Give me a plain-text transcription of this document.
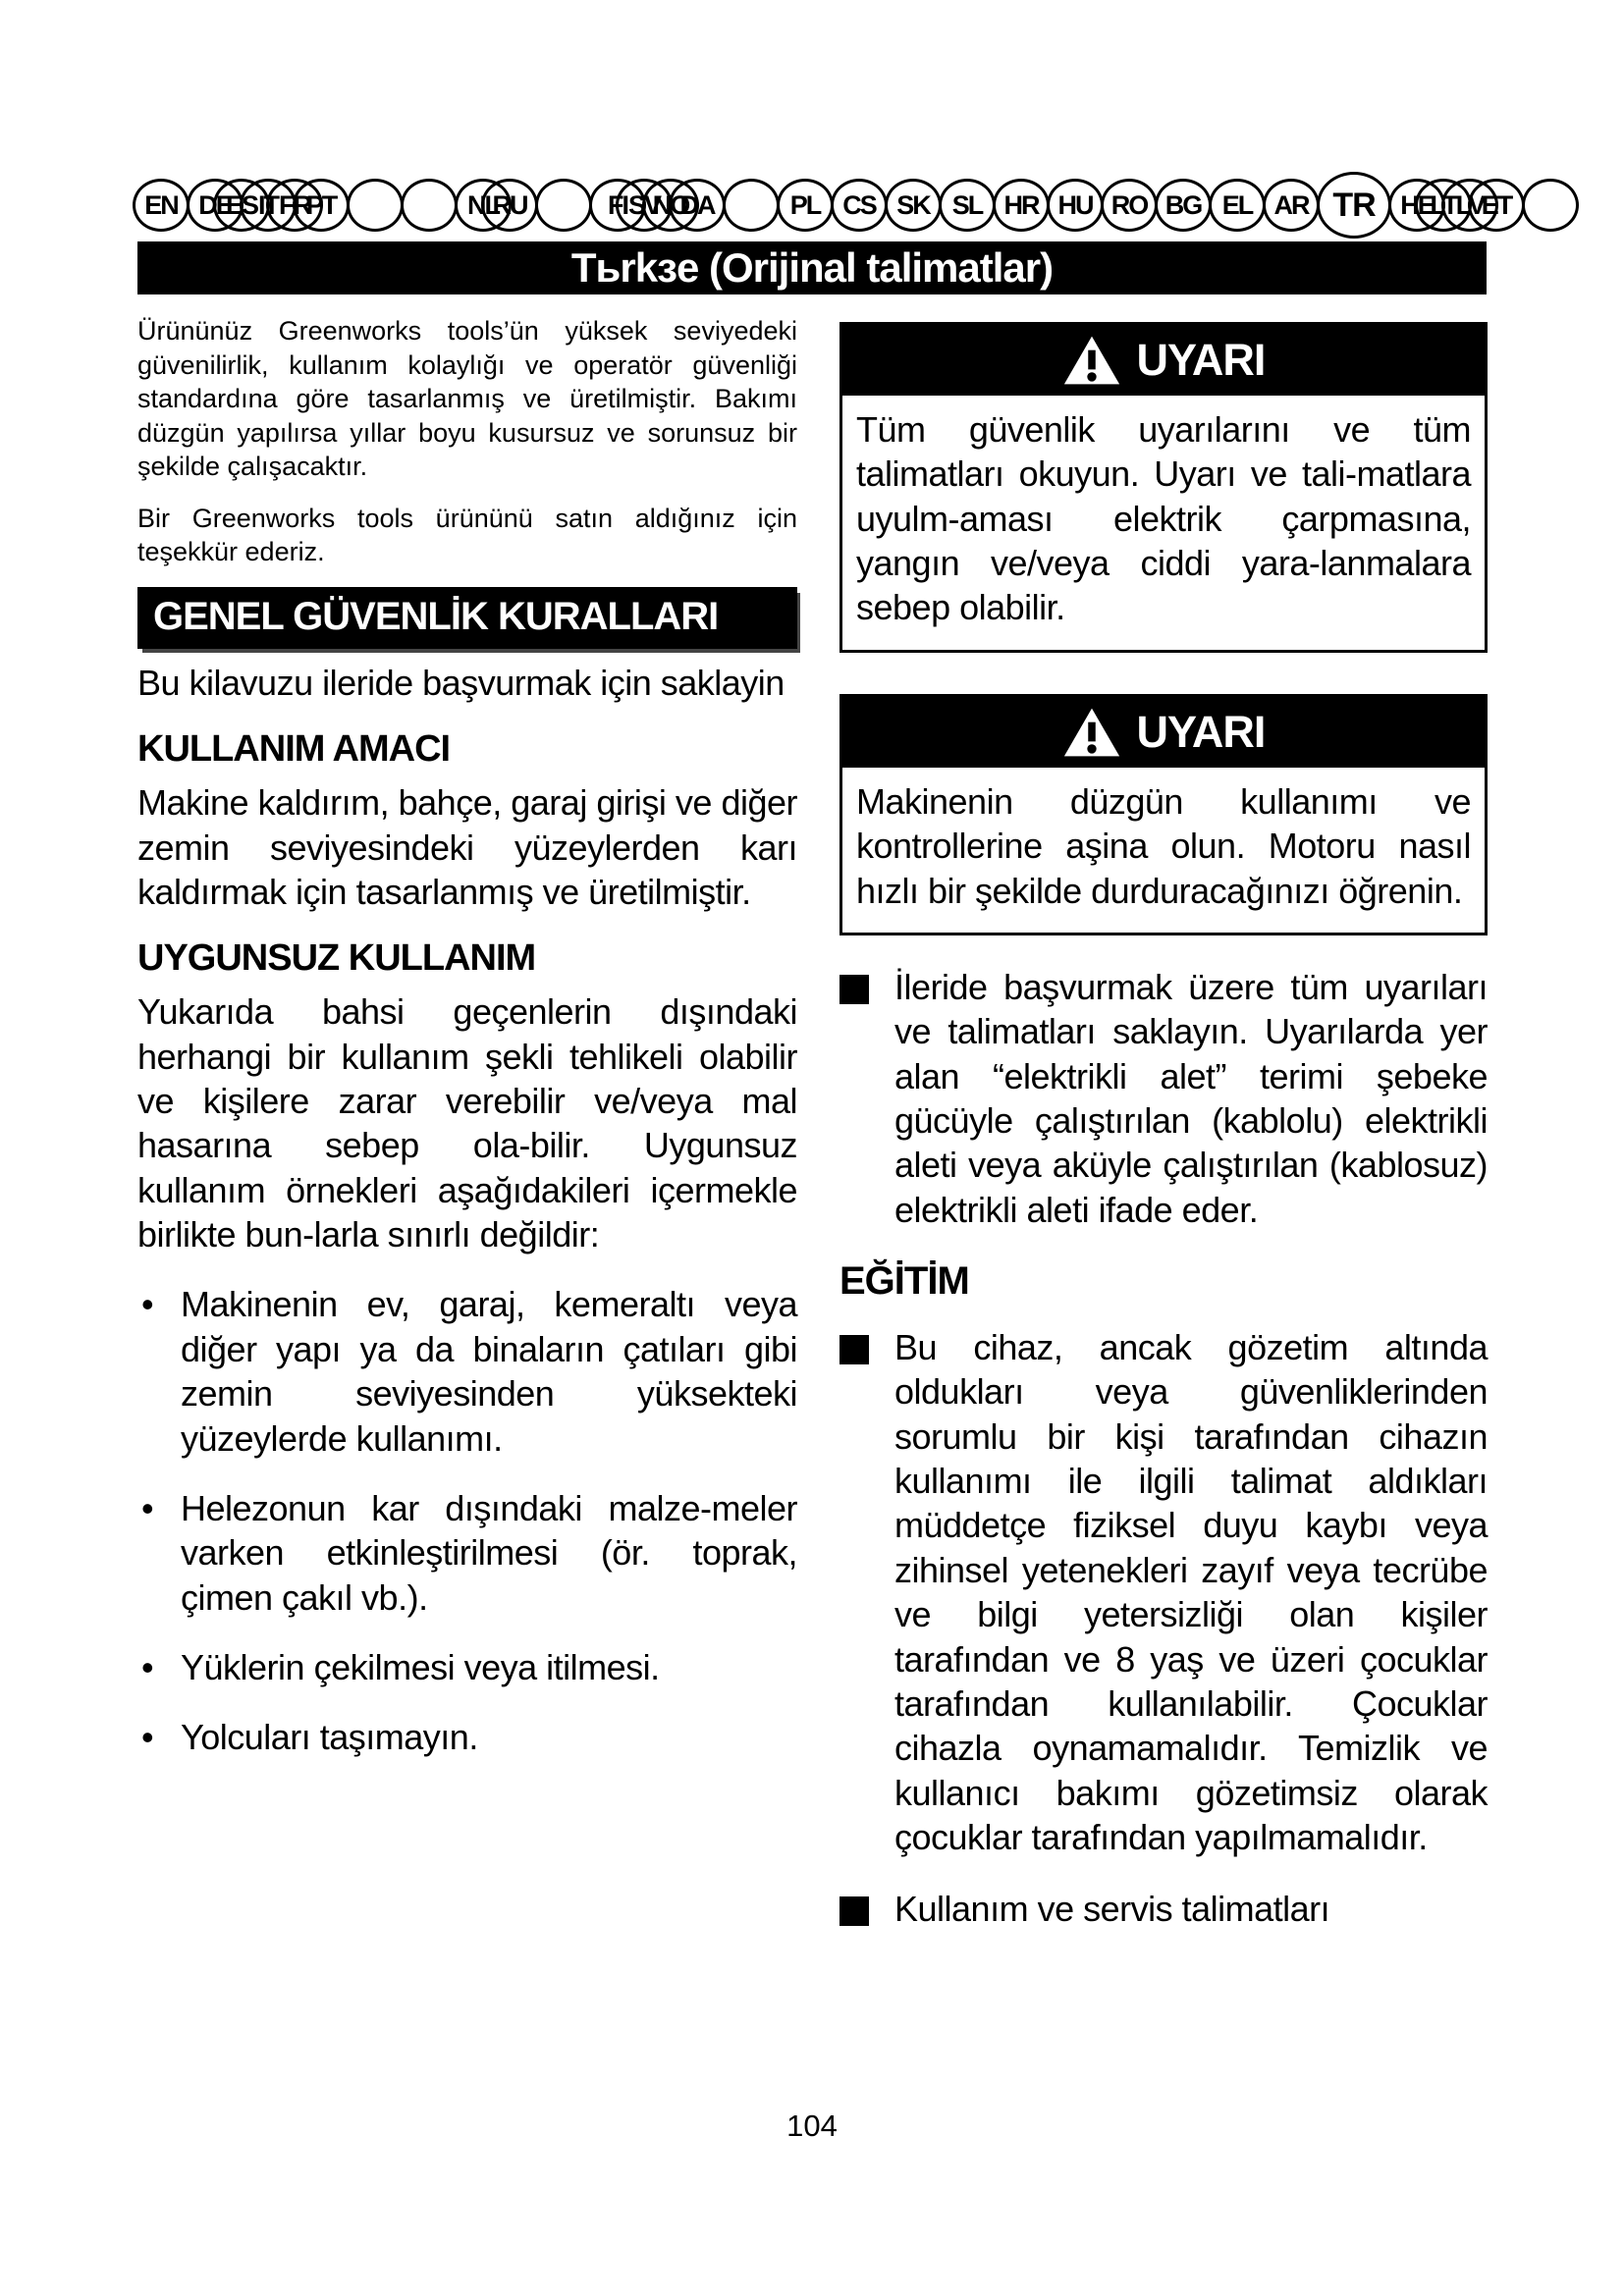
EN DE
ES IT FR
PT	NL
RU	FI SV
NO
DA	PL CS SK SL HR HU RO BG EL AR TR HE
LT LV
ET
Tьrkзe (Orijinal talimatlar)

Ürününüz Greenworks tools’ün yüksek seviyedeki güvenilirlik, kullanım kolaylığı ve operatör güvenliği standardına göre tasarlanmış ve üretilmiştir. Bakımı düzgün yapılırsa yıllar boyu kusursuz ve sorunsuz bir şekilde çalışacaktır.

Bir Greenworks tools ürününü satın aldığınız için teşekkür ederiz.

GENEL GÜVENLİK KURALLARI

Bu kilavuzu ileride başvurmak için saklayin

KULLANIM AMACI

Makine kaldırım, bahçe, garaj girişi ve diğer zemin seviyesindeki yüzeylerden karı kaldırmak için tasarlanmış ve üretilmiştir.

UYGUNSUZ KULLANIM

Yukarıda bahsi geçenlerin dışındaki herhangi bir kullanım şekli tehlikeli olabilir ve kişilere zarar verebilir ve/veya mal hasarına sebep ola-bilir. Uygunsuz kullanım örnekleri aşağıdakileri içermekle birlikte bun-larla sınırlı değildir:

• Makinenin ev, garaj, kemeraltı veya diğer yapı ya da binaların çatıları gibi zemin seviyesinden yüksekteki yüzeylerde kullanımı.
• Helezonun kar dışındaki malze-meler varken etkinleştirilmesi (ör. toprak, çimen çakıl vb.).
• Yüklerin çekilmesi veya itilmesi.
• Yolcuları taşımayın.
UYARI
Tüm güvenlik uyarılarını ve tüm talimatları okuyun. Uyarı ve tali-matlara uyulm-aması elektrik çarpmasına, yangın ve/veya ciddi yara-lanmalara sebep olabilir.
UYARI
Makinenin düzgün kullanımı ve kontrollerine aşina olun. Motoru nasıl hızlı bir şekilde durduracağınızı öğrenin.
İleride başvurmak üzere tüm uyarıları ve talimatları saklayın. Uyarılarda yer alan “elektrikli alet” terimi şebeke gücüyle çalıştırılan (kablolu) elektrikli aleti veya aküyle çalıştırılan (kablosuz) elektrikli aleti ifade eder.
EĞİTİM
Bu cihaz, ancak gözetim altında oldukları veya güvenliklerinden sorumlu bir kişi tarafından cihazın kullanımı ile ilgili talimat aldıkları müddetçe fiziksel duyu kaybı veya zihinsel yetenekleri zayıf veya tecrübe ve bilgi yetersizliği olan kişiler tarafından ve 8 yaş ve üzeri çocuklar tarafından kullanılabilir. Çocuklar cihazla oynamamalıdır. Temizlik ve kullanıcı bakımı gözetimsiz olarak çocuklar tarafından yapılmamalıdır.
Kullanım ve servis talimatları
104
